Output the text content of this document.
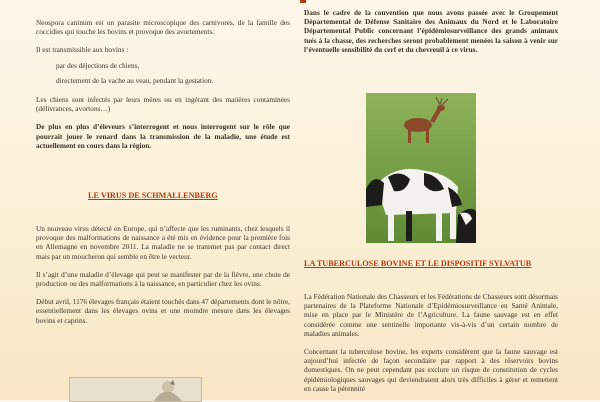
Neospora caninum est un parasite microscopique des carnivores, de la famille des coccidies qui touche les bovins et provoque des avortements.

Il est transmissible aux bovins :

par des déjections de chiens,
directement de la vache au veau, pendant la gestation.

Les chiens sont infectés par leurs mères ou en ingérant des matières contaminées (délivrances, avortons…)

De plus en plus d’éleveurs s’interrogent et nous interrogent sur le rôle que pourrait jouer le renard dans la transmission de la maladie, une étude est actuellement en cours dans la région.

LE VIRUS DE SCHMALLENBERG

Un nouveau virus détecté en Europe, qui n’affecte que les ruminants, chez lesquels il provoque des malformations de naissance a été mis en évidence pour la première fois en Allemagne en novembre 2011. La maladie ne se transmet pas par contact direct mais par un moucheron qui semble en être le vecteur.

Il s’agit d’une maladie d’élevage qui peut se manifester par de la fièvre, une chute de production ou des malformations à la naissance, en particulier chez les ovins.

Début avril, 1176 élevages français étaient touchés dans 47 départements dont le nôtre, essentiellement dans les élevages ovins et une moindre mesure dans les élevages bovins et caprins.

Dans le cadre de la convention que nous avons passée avec le Groupement Départemental de Défense Sanitaire des Animaux du Nord et le Laboratoire Départemental Public concernant l’épidémiosurveillance des grands animaux tués à la chasse, des recherches seront probablement menées la saison à venir sur l’éventuelle sensibilité du cerf et du chevreuil à ce virus.

LA TUBERCULOSE BOVINE ET LE DISPOSITIF SYLVATUB

La Fédération Nationale des Chasseurs et les Fédérations de Chasseurs sont désormais partenaires de la Plateforme Nationale d’Epidémiosurveillance en Santé Animale, mise en place par le Ministère de l’Agriculture. La faune sauvage est en effet considérée comme une sentinelle importante vis-à-vis d’un certain nombre de maladies animales.

Concernant la tuberculose bovine, les experts considèrent que la faune sauvage est aujourd’hui infectée de façon secondaire par rapport à des réservoirs bovins domestiques. On ne peut cependant pas exclure un risque de constitution de cycles épidémiologiques sauvages qui deviendraient alors très difficiles à gérer et remettent en cause la pérennité
